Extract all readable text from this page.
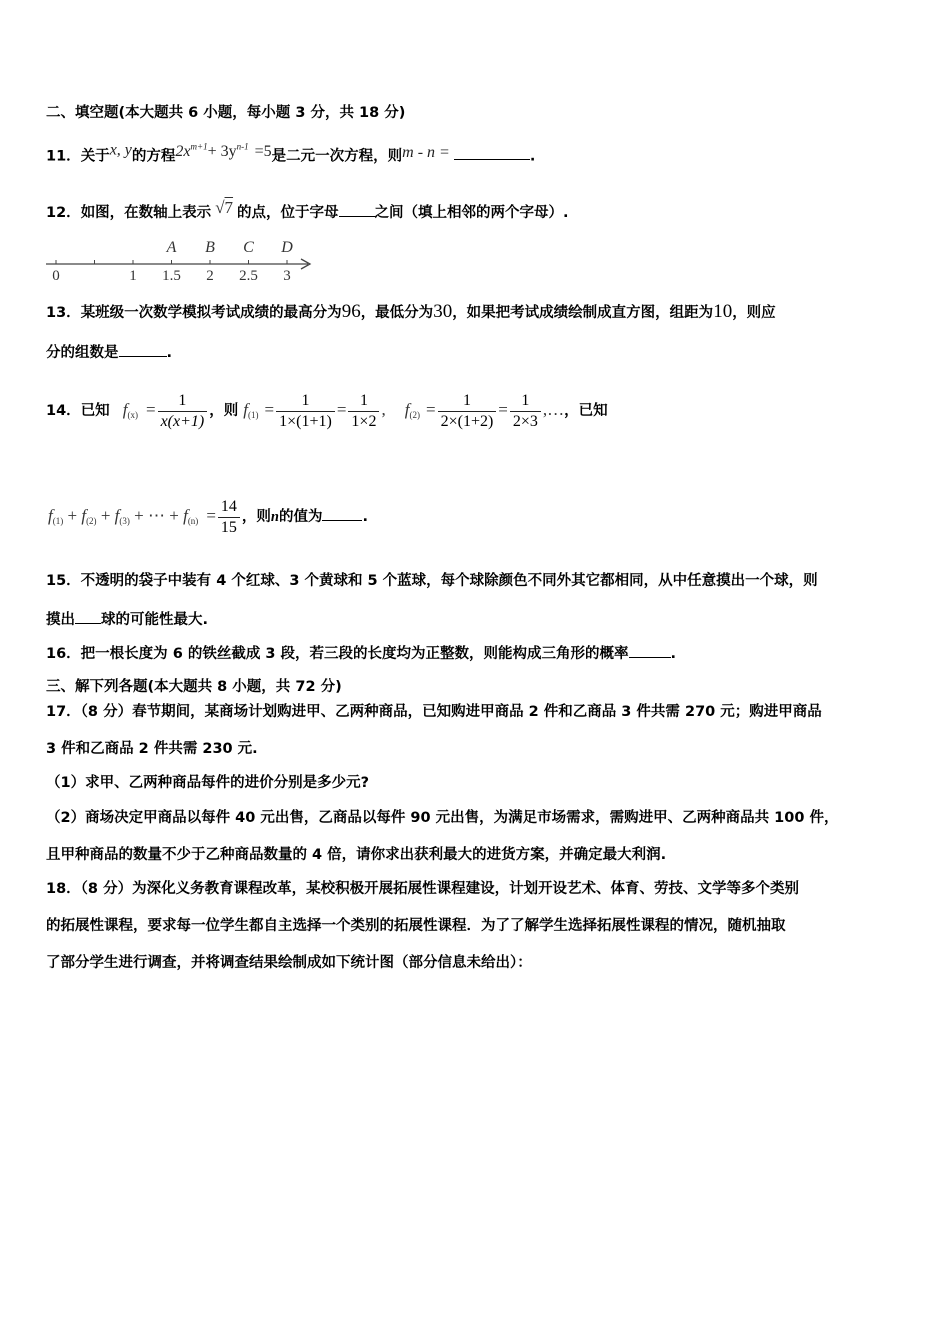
二、填空题(本大题共 6 小题，每小题 3 分，共 18 分)
11．关于x, y的方程$2x^{m+1}+ 3y^{n-1} =5$是二元一次方程，则m - n =	.
12．如图，在数轴上表示 √7 的点，位于字母 之间（填上相邻的两个字母）.
0	1 1.5 2 2.5 3
A B C D
13．某班级一次数学模拟考试成绩的最高分为96，最低分为30，如果把考试成绩绘制成直方图，组距为10，则应
分的组数是	.
14．已知 $f_{(x)} = \frac{1}{x(x+1)}$ ，则 $f_{(1)} = \frac{1}{1\times(1+1)} = \frac{1}{1\times 2}$ , $f_{(2)} = \frac{1}{2\times(1+2)} = \frac{1}{2\times 3}$ ,…，已知
$f_{(1)} + f_{(2)} + f_{(3)}$ + ⋯ + $f_{(n)} = \frac{14}{15}$ ，则n的值为	.
15．不透明的袋子中装有 4 个红球、3 个黄球和 5 个蓝球，每个球除颜色不同外其它都相同，从中任意摸出一个球，则
摸出 球的可能性最大.
16．把一根长度为 6 的铁丝截成 3 段，若三段的长度均为正整数，则能构成三角形的概率	.
三、解下列各题(本大题共 8 小题，共 72 分)
17．（8 分）春节期间，某商场计划购进甲、乙两种商品，已知购进甲商品 2 件和乙商品 3 件共需 270 元；购进甲商品
3 件和乙商品 2 件共需 230 元.
（1）求甲、乙两种商品每件的进价分别是多少元?
（2）商场决定甲商品以每件 40 元出售，乙商品以每件 90 元出售，为满足市场需求，需购进甲、乙两种商品共 100 件，
且甲种商品的数量不少于乙种商品数量的 4 倍，请你求出获利最大的进货方案，并确定最大利润.
18．（8 分）为深化义务教育课程改革，某校积极开展拓展性课程建设，计划开设艺术、体育、劳技、文学等多个类别
的拓展性课程，要求每一位学生都自主选择一个类别的拓展性课程．为了了解学生选择拓展性课程的情况，随机抽取
了部分学生进行调查，并将调查结果绘制成如下统计图（部分信息未给出）：
